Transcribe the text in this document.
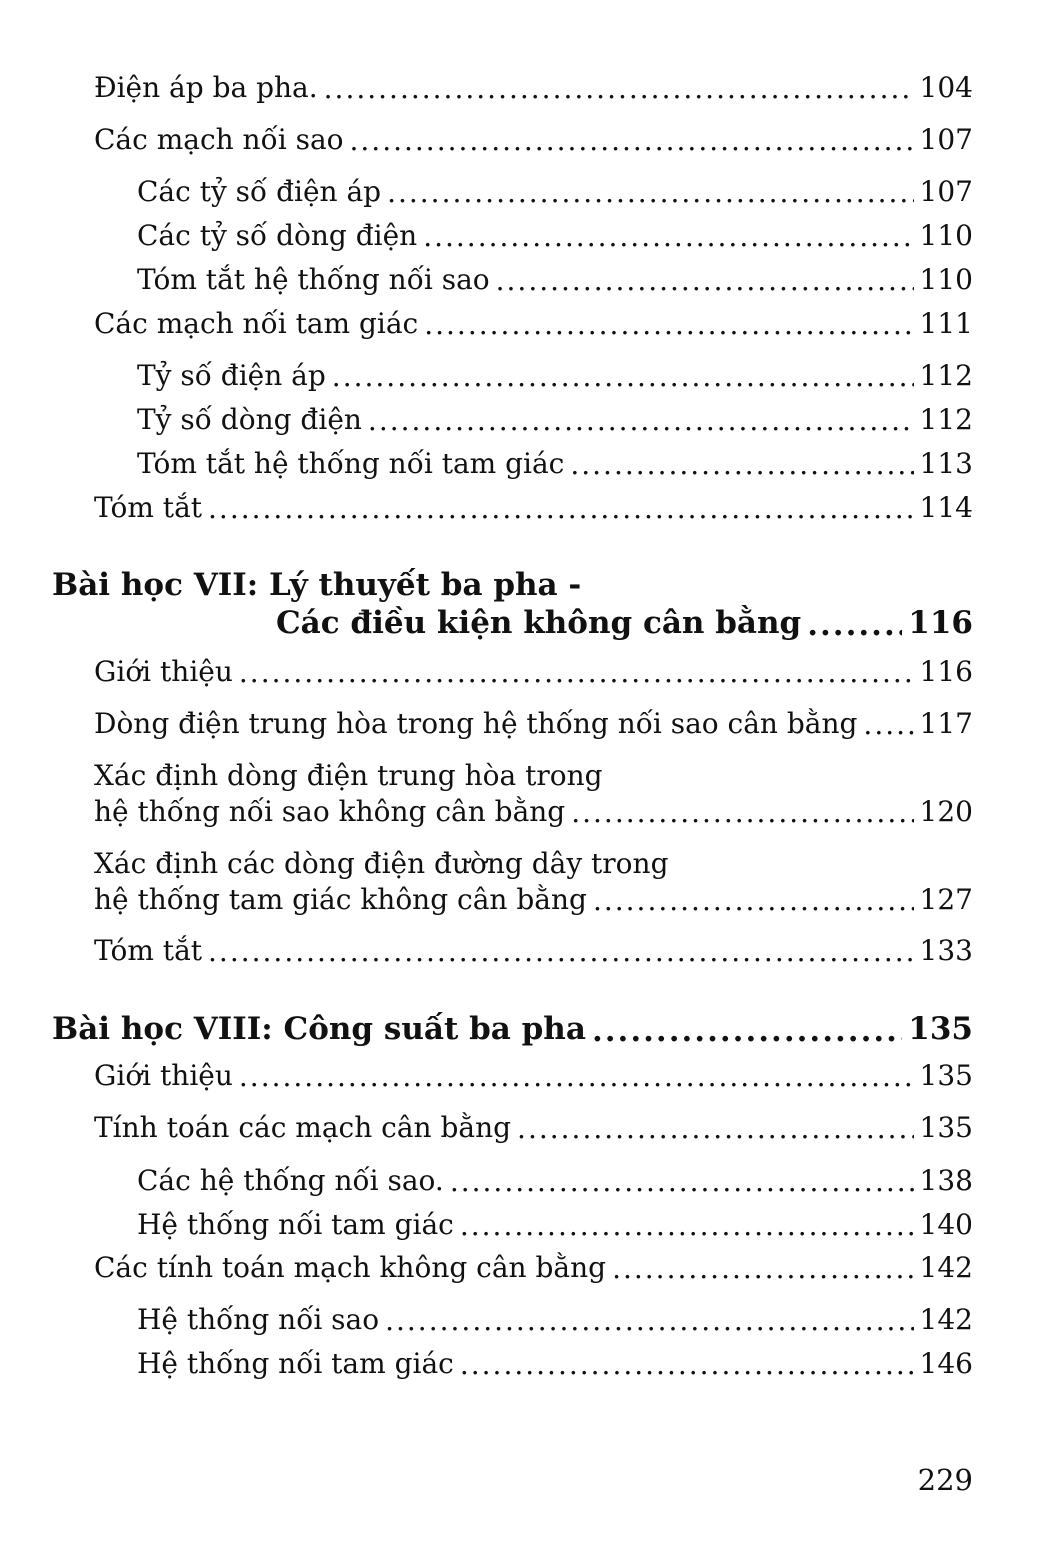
Điện áp ba pha. .....	104
Các mạch nối sao .....	107
Các tỷ số điện áp .....	107
Các tỷ số dòng điện .....	110
Tóm tắt hệ thống nối sao .....	110
Các mạch nối tam giác .....	111
Tỷ số điện áp .....	112
Tỷ số dòng điện .....	112
Tóm tắt hệ thống nối tam giác .....	113
Tóm tắt .....	114
Bài học VII: Lý thuyết ba pha -
Các điều kiện không cân bằng .....	116
Giới thiệu .....	116
Dòng điện trung hòa trong hệ thống nối sao cân bằng ..... 117
Xác định dòng điện trung hòa trong
hệ thống nối sao không cân bằng .....	120
Xác định các dòng điện đường dây trong
hệ thống tam giác không cân bằng .....	127
Tóm tắt .....	133
Bài học VIII: Công suất ba pha .....	135
Giới thiệu .....	135
Tính toán các mạch cân bằng .....	135
Các hệ thống nối sao. .....	138
Hệ thống nối tam giác .....	140
Các tính toán mạch không cân bằng .....	142
Hệ thống nối sao .....	142
Hệ thống nối tam giác .....	146
229
